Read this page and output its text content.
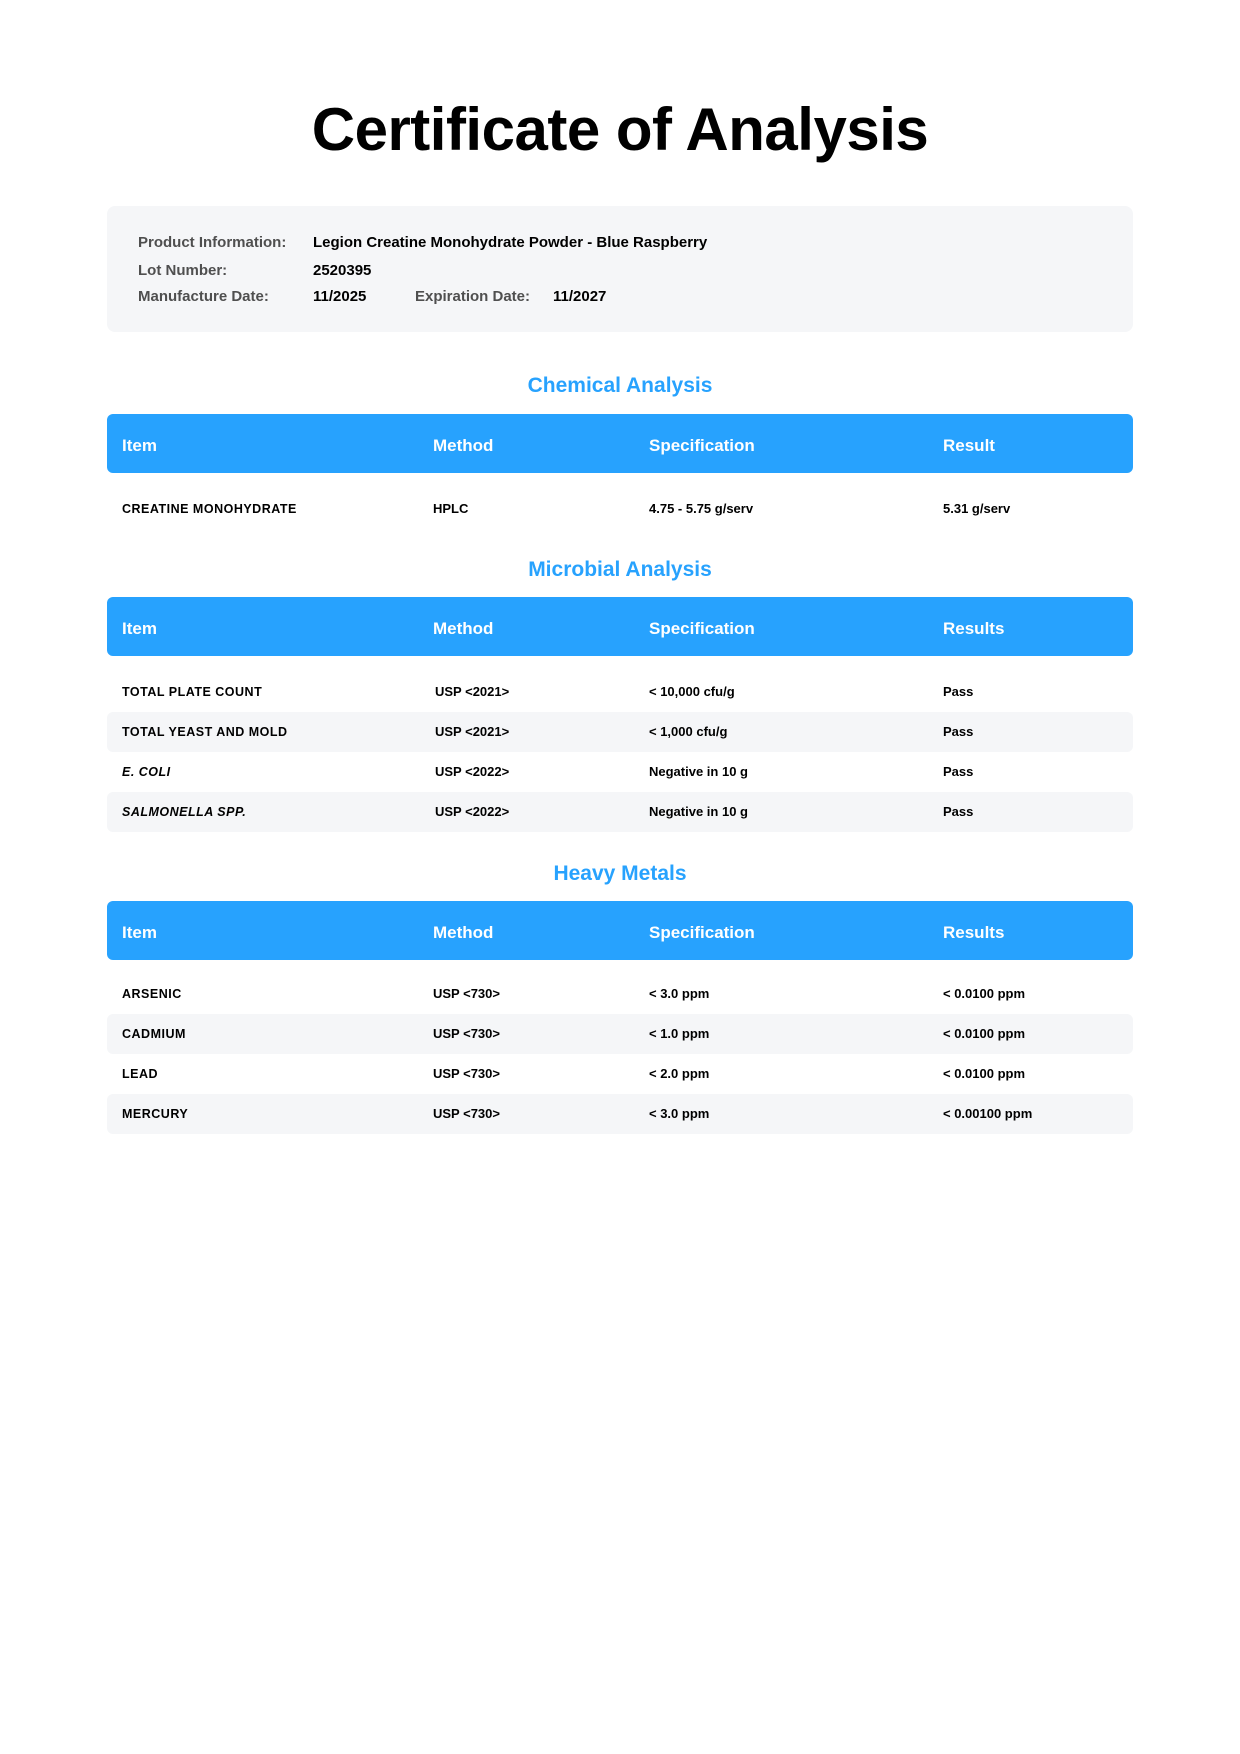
Certificate of Analysis
Product Information: Legion Creatine Monohydrate Powder - Blue Raspberry
Lot Number:	2520395
Manufacture Date:	11/2025	Expiration Date: 11/2027
Chemical Analysis
Item	Method	Specification	Result
CREATINE MONOHYDRATE	HPLC	4.75 - 5.75 g/serv	5.31 g/serv
Microbial Analysis
Item	Method	Specification	Results
TOTAL PLATE COUNT	USP <2021>	< 10,000 cfu/g	Pass
TOTAL YEAST AND MOLD	USP <2021>	< 1,000 cfu/g	Pass
E. COLI	USP <2022>	Negative in 10 g	Pass
SALMONELLA SPP.	USP <2022>	Negative in 10 g	Pass
Heavy Metals
Item	Method	Specification	Results
ARSENIC	USP <730>	< 3.0 ppm	< 0.0100 ppm
CADMIUM	USP <730>	< 1.0 ppm	< 0.0100 ppm
LEAD	USP <730>	< 2.0 ppm	< 0.0100 ppm
MERCURY	USP <730>	< 3.0 ppm	< 0.00100 ppm
